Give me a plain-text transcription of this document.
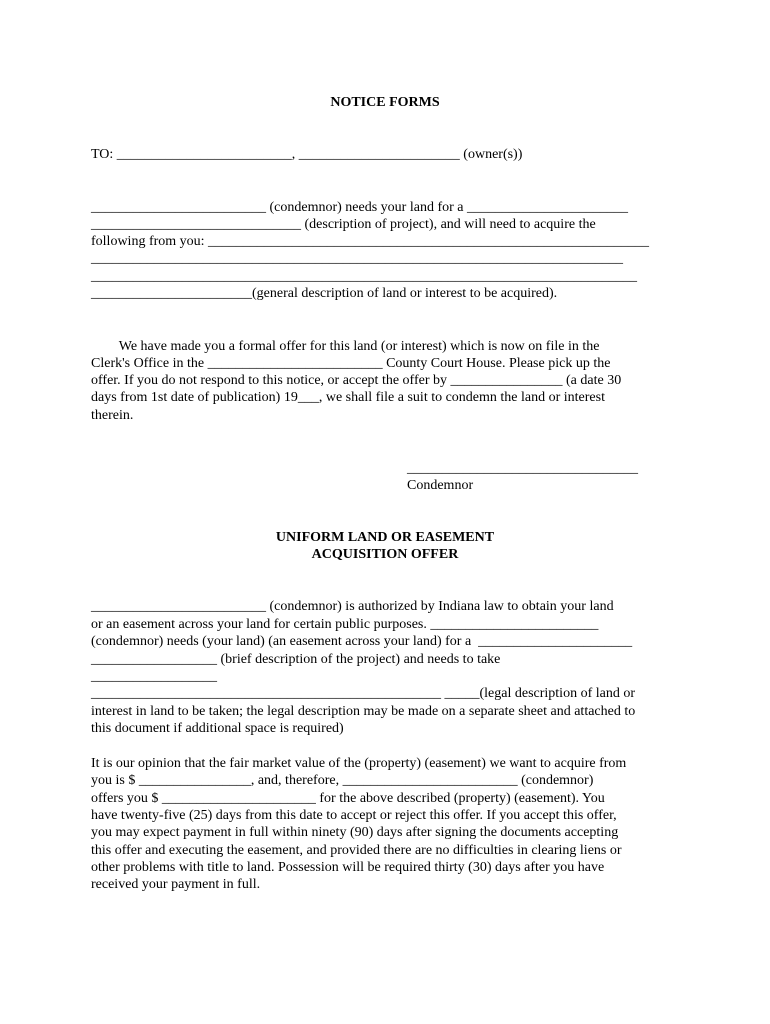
NOTICE FORMS
TO: _________________________, _______________________ (owner(s))
_________________________ (condemnor) needs your land for a _______________________
______________________________ (description of project), and will need to acquire the
following from you: _______________________________________________________________
____________________________________________________________________________
______________________________________________________________________________
_______________________(general description of land or interest to be acquired).
We have made you a formal offer for this land (or interest) which is now on file in the
Clerk's Office in the _________________________ County Court House. Please pick up the
offer. If you do not respond to this notice, or accept the offer by ________________ (a date 30
days from 1st date of publication) 19___, we shall file a suit to condemn the land or interest
therein.
_________________________________
Condemnor
UNIFORM LAND OR EASEMENT
ACQUISITION OFFER
_________________________ (condemnor) is authorized by Indiana law to obtain your land
or an easement across your land for certain public purposes. ________________________
(condemnor) needs (your land) (an easement across your land) for a  ______________________
__________________ (brief description of the project) and needs to take
__________________
__________________________________________________ _____(legal description of land or
interest in land to be taken; the legal description may be made on a separate sheet and attached to
this document if additional space is required)
It is our opinion that the fair market value of the (property) (easement) we want to acquire from
you is $ ________________, and, therefore, _________________________ (condemnor)
offers you $ ______________________ for the above described (property) (easement). You
have twenty-five (25) days from this date to accept or reject this offer. If you accept this offer,
you may expect payment in full within ninety (90) days after signing the documents accepting
this offer and executing the easement, and provided there are no difficulties in clearing liens or
other problems with title to land. Possession will be required thirty (30) days after you have
received your payment in full.
